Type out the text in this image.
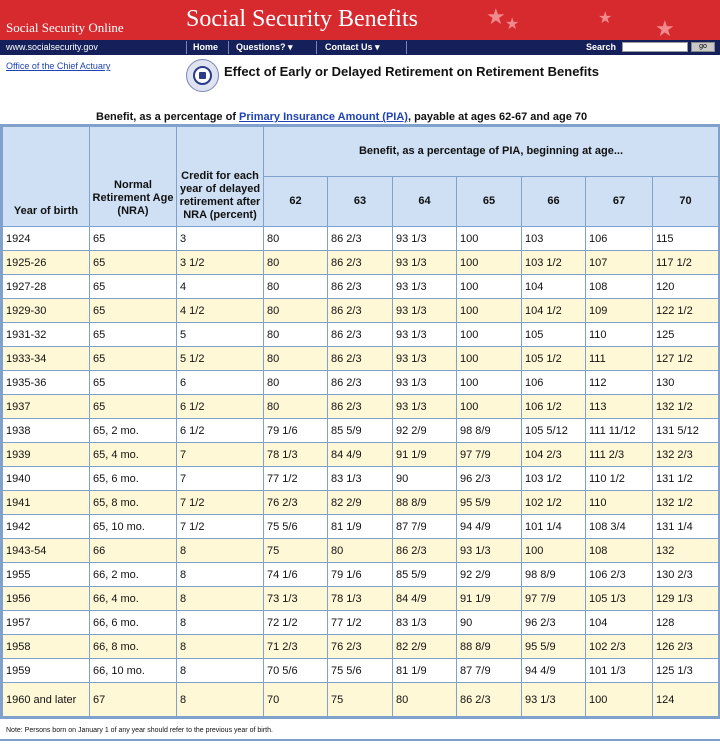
★ ★	★ ★
Social Security Online	Social Security Benefits
www.socialsecurity.gov	Home Questions? ▾	Contact Us ▾	Search	go
Office of the Chief Actuary	Effect of Early or Delayed Retirement on Retirement Benefits
Benefit, as a percentage of Primary Insurance Amount (PIA), payable at ages 62-67 and age 70
Year of birth	Normal Retirement Age (NRA)	Credit for each year of delayed retirement after NRA (percent)	Benefit, as a percentage of PIA, beginning at age...						
			62	63	64	65	66	67	70
1924	65	3	80	86 2/3	93 1/3	100	103	106	115
1925-26	65	3 1/2	80	86 2/3	93 1/3	100	103 1/2	107	117 1/2
1927-28	65	4	80	86 2/3	93 1/3	100	104	108	120
1929-30	65	4 1/2	80	86 2/3	93 1/3	100	104 1/2	109	122 1/2
1931-32	65	5	80	86 2/3	93 1/3	100	105	110	125
1933-34	65	5 1/2	80	86 2/3	93 1/3	100	105 1/2	111	127 1/2
1935-36	65	6	80	86 2/3	93 1/3	100	106	112	130
1937	65	6 1/2	80	86 2/3	93 1/3	100	106 1/2	113	132 1/2
1938	65, 2 mo.	6 1/2	79 1/6	85 5/9	92 2/9	98 8/9	105 5/12	111 11/12	131 5/12
1939	65, 4 mo.	7	78 1/3	84 4/9	91 1/9	97 7/9	104 2/3	111 2/3	132 2/3
1940	65, 6 mo.	7	77 1/2	83 1/3	90	96 2/3	103 1/2	110 1/2	131 1/2
1941	65, 8 mo.	7 1/2	76 2/3	82 2/9	88 8/9	95 5/9	102 1/2	110	132 1/2
1942	65, 10 mo.	7 1/2	75 5/6	81 1/9	87 7/9	94 4/9	101 1/4	108 3/4	131 1/4
1943-54	66	8	75	80	86 2/3	93 1/3	100	108	132
1955	66, 2 mo.	8	74 1/6	79 1/6	85 5/9	92 2/9	98 8/9	106 2/3	130 2/3
1956	66, 4 mo.	8	73 1/3	78 1/3	84 4/9	91 1/9	97 7/9	105 1/3	129 1/3
1957	66, 6 mo.	8	72 1/2	77 1/2	83 1/3	90	96 2/3	104	128
1958	66, 8 mo.	8	71 2/3	76 2/3	82 2/9	88 8/9	95 5/9	102 2/3	126 2/3
1959	66, 10 mo.	8	70 5/6	75 5/6	81 1/9	87 7/9	94 4/9	101 1/3	125 1/3
1960 and later	67	8	70	75	80	86 2/3	93 1/3	100	124
Note: Persons born on January 1 of any year should refer to the previous year of birth.
